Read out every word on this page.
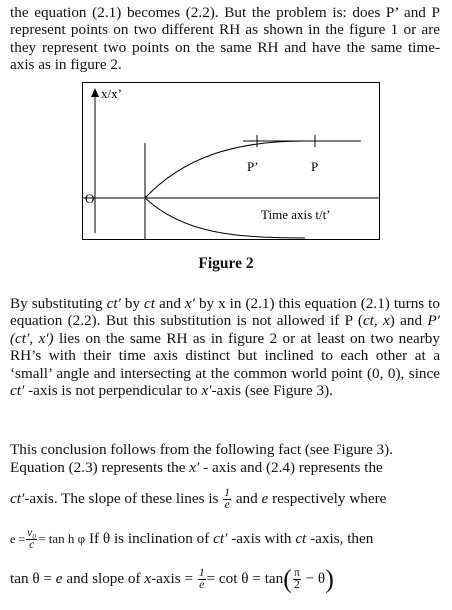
the equation (2.1) becomes (2.2). But the problem is: does P’ and P represent points on two different RH as shown in the figure 1 or are they represent two points on the same RH and have the same time-axis as in figure 2.
x/x’
O
P’	P
Time axis t/t’
Figure 2
By substituting ct′ by ct and x′ by x in (2.1) this equation (2.1) turns to equation (2.2). But this substitution is not allowed if P (ct, x) and P′(ct′, x′) lies on the same RH as in figure 2 or at least on two nearby RH’s with their time axis distinct but inclined to each other at a ‘small’ angle and intersecting at the common world point (0, 0), since ct′ -axis is not perpendicular to x′-axis (see Figure 3).
This conclusion follows from the following fact (see Figure 3).
Equation (2.3) represents the x′ - axis and (2.4) represents the
ct′-axis. The slope of these lines is $\frac{1}{e}$ and e respectively where
$e = \frac{\text{v₀}}{c} = \tan h$ φ If θ is inclination of ct′ -axis with ct -axis, then
tan θ = e and slope of x-axis = $\frac{1}{e} = \cot \theta = \tan( \frac{\pi}{2} - \theta)$
